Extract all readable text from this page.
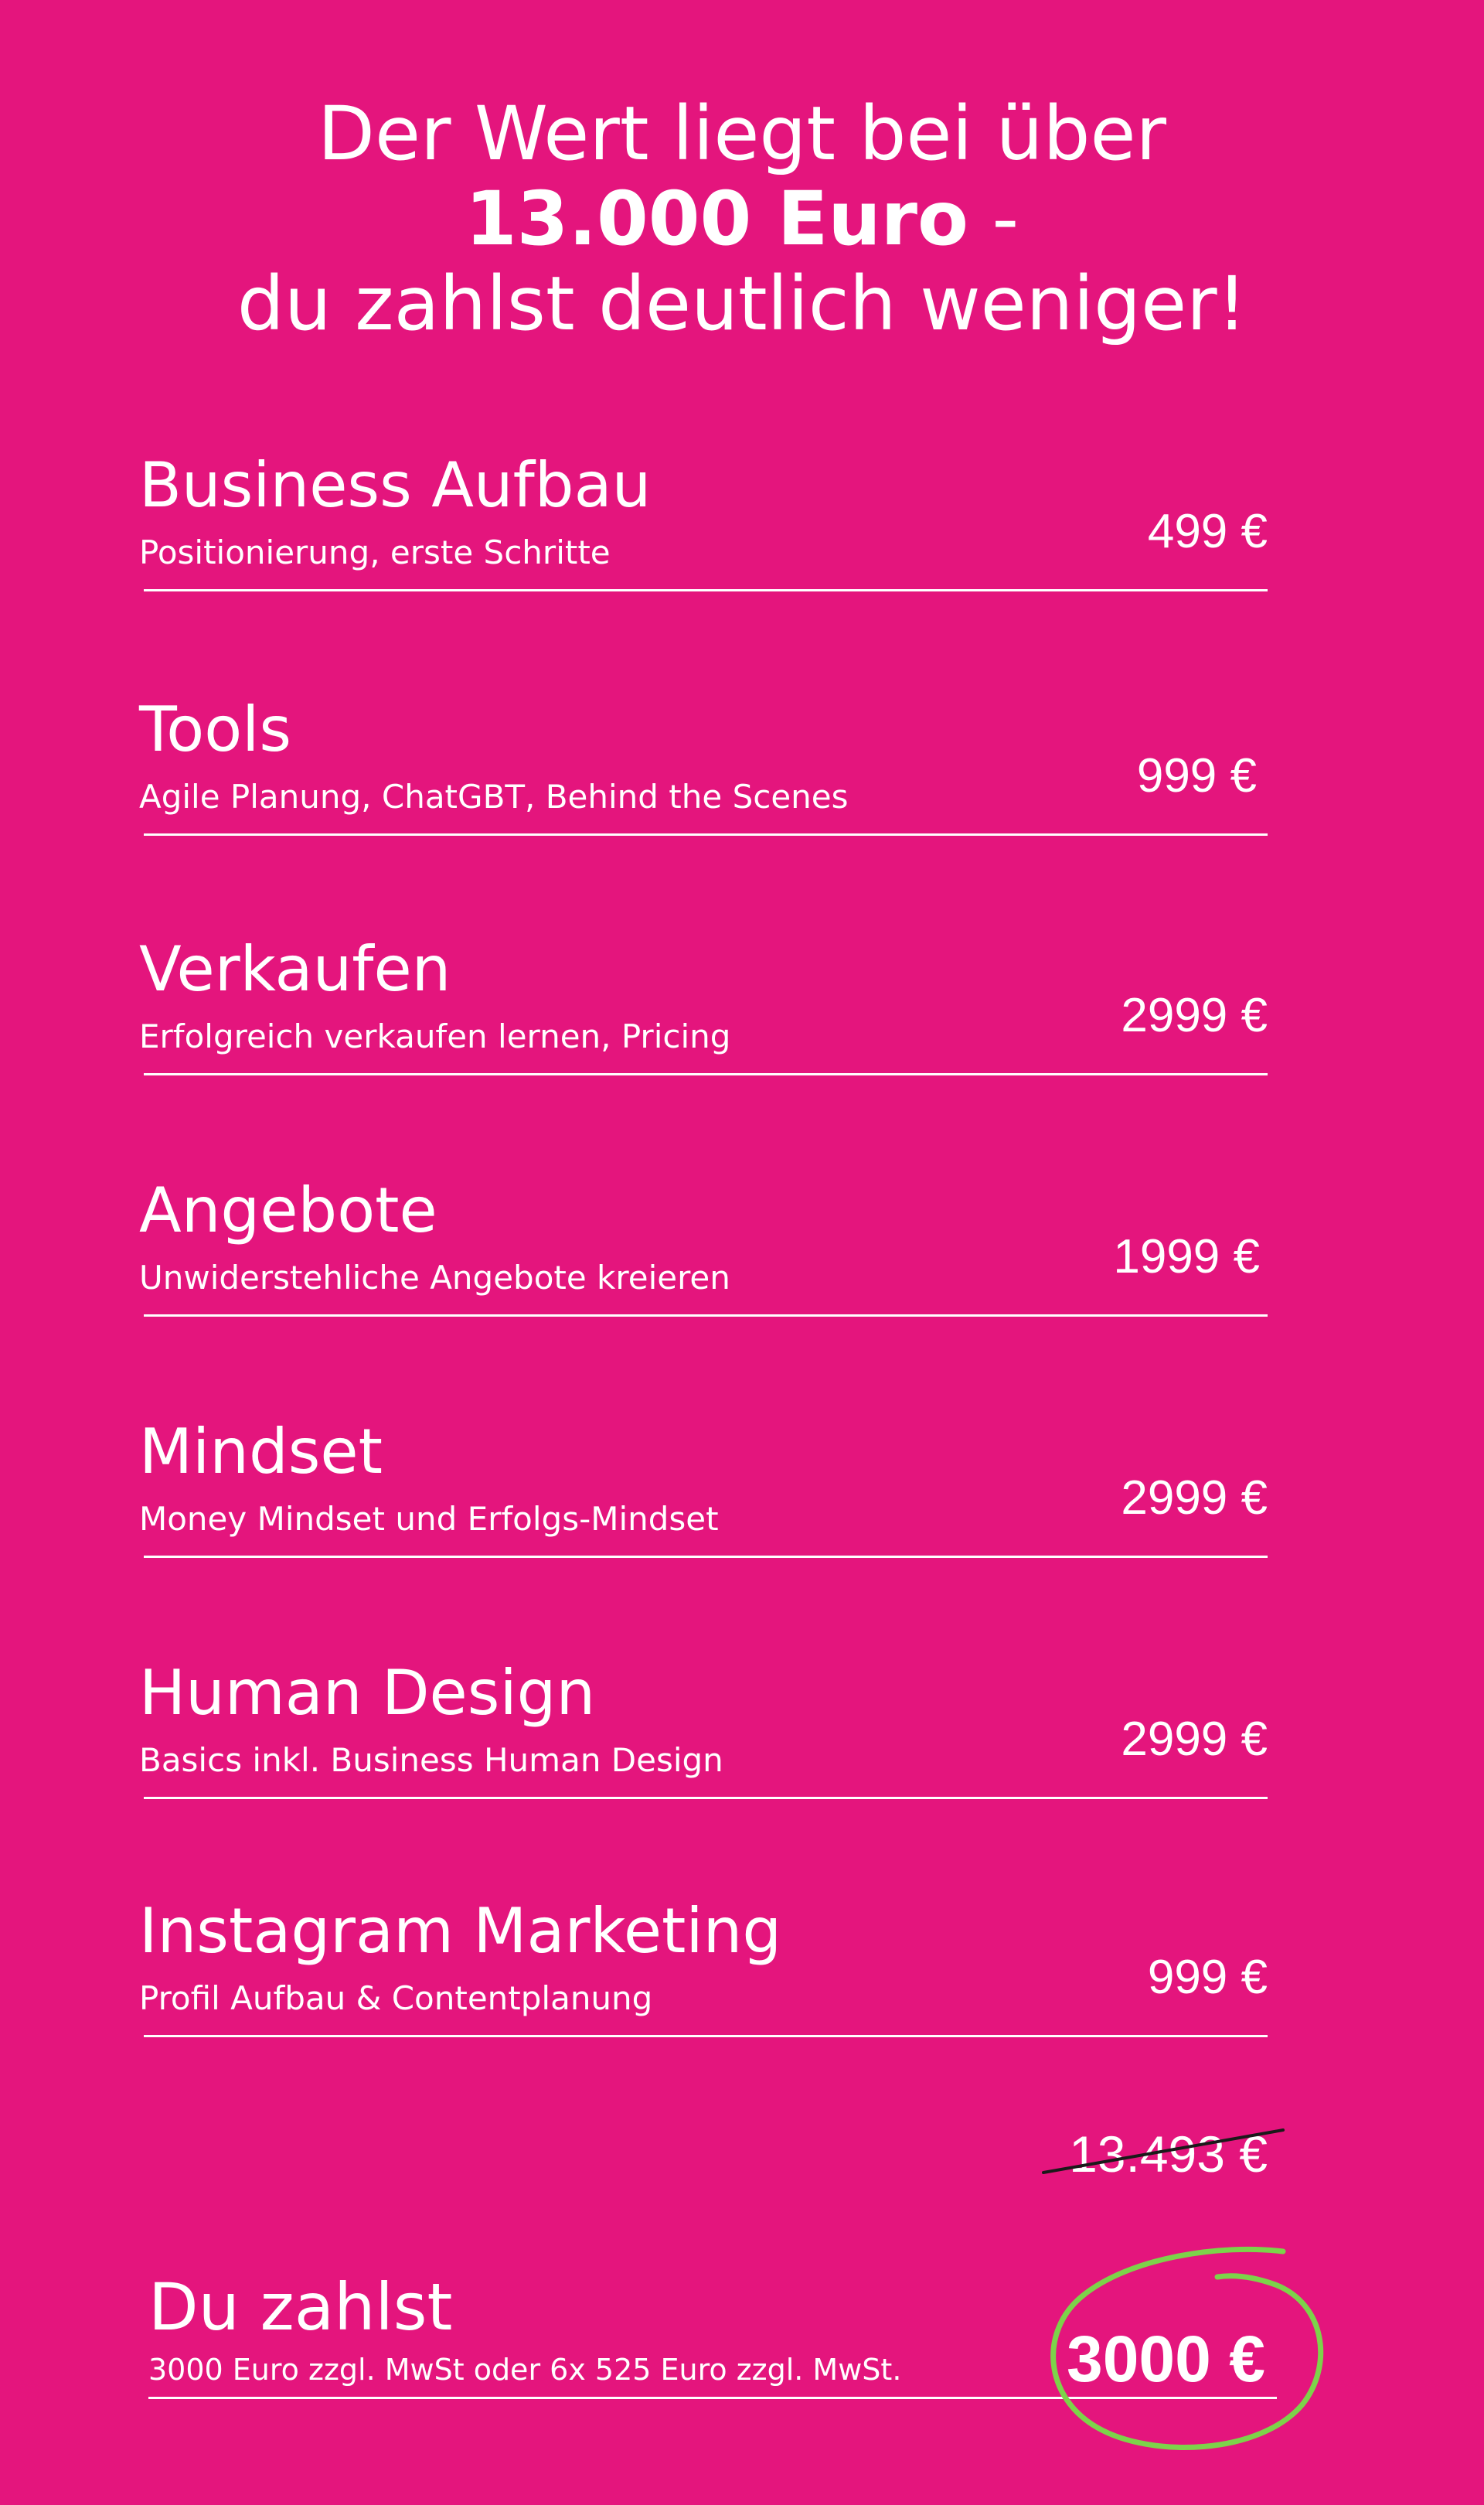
Der Wert liegt bei über
13.000 Euro -
du zahlst deutlich weniger!
Business Aufbau
Positionierung, erste Schritte	499 €
Tools
Agile Planung, ChatGBT, Behind the Scenes	999 €
Verkaufen
Erfolgreich verkaufen lernen, Pricing	2999 €
Angebote
Unwiderstehliche Angebote kreieren	1999 €
Mindset
Money Mindset und Erfolgs-Mindset	2999 €
Human Design
Basics inkl. Business Human Design	2999 €
Instagram Marketing
Profil Aufbau & Contentplanung	999 €
13.493 €
Du zahlst
3000 Euro zzgl. MwSt oder 6x 525 Euro zzgl. MwSt.	3000 €
